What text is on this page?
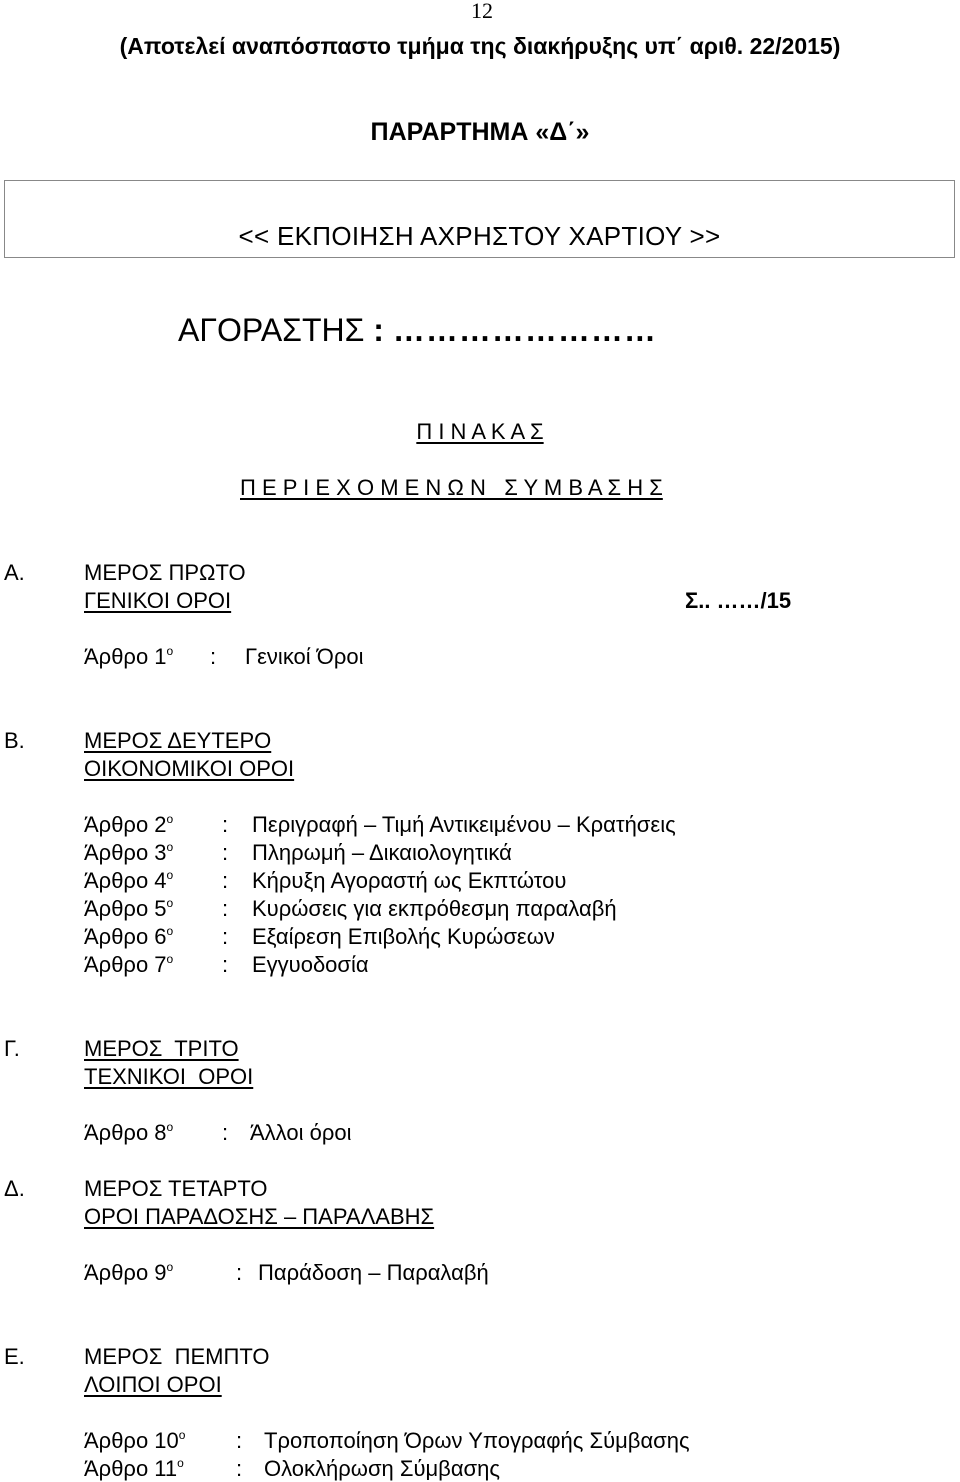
12
(Αποτελεί αναπόσπαστο τμήμα της διακήρυξης υπ΄ αριθ. 22/2015)
ΠΑΡΑΡΤΗΜΑ «Δ΄»
<< ΕΚΠΟΙΗΣΗ ΑΧΡΗΣΤΟΥ ΧΑΡΤΙΟΥ >>
ΑΓΟΡΑΣΤΗΣ : ……………………
Π Ι Ν Α Κ Α Σ
Π Ε Ρ Ι Ε Χ Ο Μ Ε Ν Ω Ν   Σ Υ Μ Β Α Σ Η Σ
Α.	ΜΕΡΟΣ ΠΡΩΤΟ
ΓΕΝΙΚΟΙ ΟΡΟΙ	Σ.. ……/15
Άρθρο $1^o$ : Γενικοί Όροι
Β.	ΜΕΡΟΣ ΔΕΥΤΕΡΟ
ΟΙΚΟΝΟΜΙΚΟΙ ΟΡΟΙ
Άρθρο $2^o$ : Περιγραφή – Τιμή Αντικειμένου – Κρατήσεις
Άρθρο $3^o$ : Πληρωμή – Δικαιολογητικά
Άρθρο $4^o$ : Κήρυξη Αγοραστή ως Εκπτώτου
Άρθρο $5^o$ : Κυρώσεις για εκπρόθεσμη παραλαβή
Άρθρο $6^o$ : Εξαίρεση Επιβολής Κυρώσεων
Άρθρο $7^o$ : Εγγυοδοσία
Γ.	ΜΕΡΟΣ  ΤΡΙΤΟ
ΤΕΧΝΙΚΟΙ  ΟΡΟΙ
Άρθρο $8^o$ : Άλλοι όροι
Δ.	ΜΕΡΟΣ ΤΕΤΑΡΤΟ
ΟΡΟΙ ΠΑΡΑΔΟΣΗΣ – ΠΑΡΑΛΑΒΗΣ
Άρθρο $9^o$	: Παράδοση – Παραλαβή
Ε.	ΜΕΡΟΣ  ΠΕΜΠΤΟ
ΛΟΙΠΟΙ ΟΡΟΙ
Άρθρο $10^o$ : Τροποποίηση Όρων Υπογραφής Σύμβασης
Άρθρο $11^o$ : Ολοκλήρωση Σύμβασης
